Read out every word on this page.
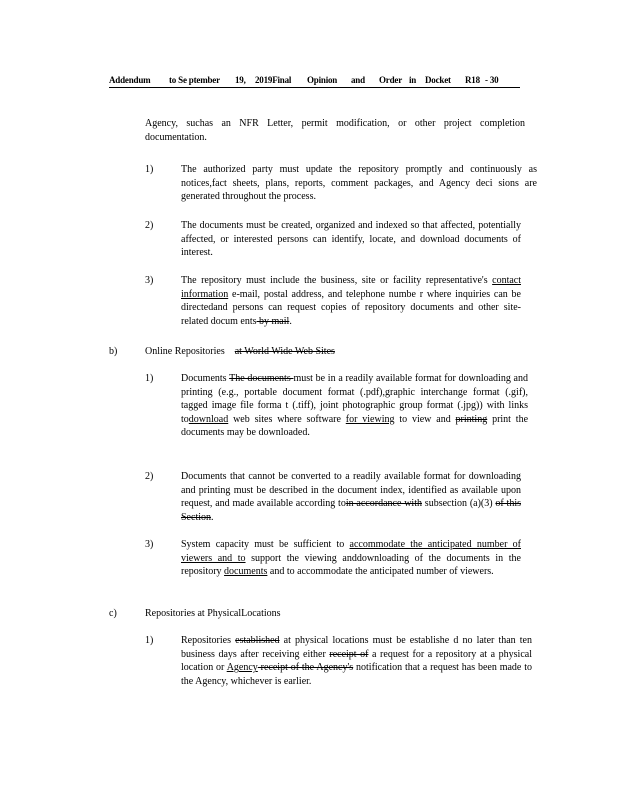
Addendum to Se ptember 19, 2019Final Opinion and Order in Docket R18 - 30
Agency, suchas an NFR Letter, permit modification, or other project completion documentation.
1)	The authorized party must update the repository promptly and continuously as notices,fact sheets, plans, reports, comment packages, and Agency deci sions are generated throughout the process.
2)	The documents must be created, organized and indexed so that affected, potentially affected, or interested persons can identify, locate, and download documents of interest.
3)	The repository must include the business, site or facility representative's contact information e-mail, postal address, and telephone numbe r where inquiries can be directedand persons can request copies of repository documents and other site-related docum ents by mail.
b)	Online Repositories at World Wide Web Sites
1)	Documents The documents must be in a readily available format for downloading and printing (e.g., portable document format (.pdf),graphic interchange format (.gif), tagged image file forma t (.tiff), joint photographic group format (.jpg)) with links todownload web sites where software for viewing to view and printing print the documents may be downloaded.
2)	Documents that cannot be converted to a readily available format for downloading and printing must be described in the document index, identified as available upon request, and made available according toin accordance with subsection (a)(3) of this Section.
3)	System capacity must be sufficient to accommodate the anticipated number of viewers and to support the viewing anddownloading of the documents in the repository documents and to accommodate the anticipated number of viewers.
c)	Repositories at PhysicalLocations
1)	Repositories established at physical locations must be establishe d no later than ten business days after receiving either receipt of a request for a repository at a physical location or Agency receipt of the Agency's notification that a request has been made to the Agency, whichever is earlier.
